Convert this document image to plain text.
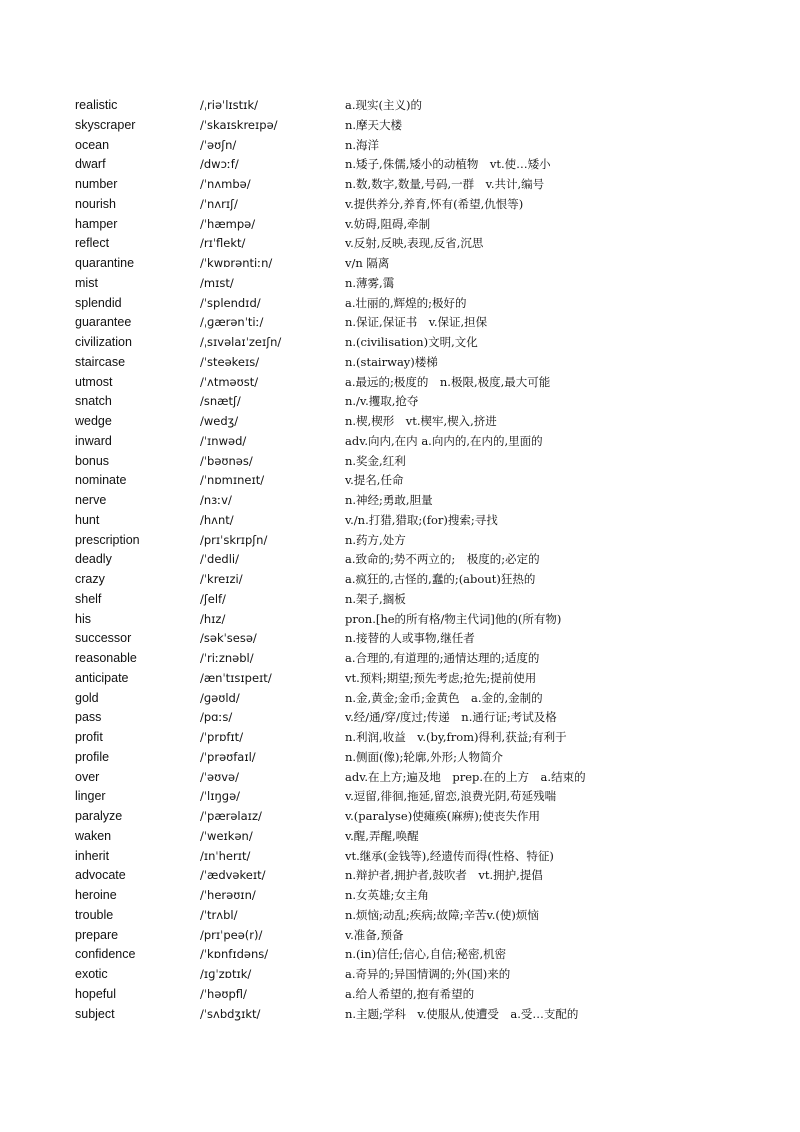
realistic	/ˌriəˈlɪstɪk/	a.现实(主义)的
skyscraper	/ˈskaɪskreɪpə/	n.摩天大楼
ocean	/ˈəʊʃn/	n.海洋
dwarf	/dwɔːf/	n.矮子,侏儒,矮小的动植物　vt.使…矮小
number	/ˈnʌmbə/	n.数,数字,数量,号码,一群　v.共计,编号
nourish	/ˈnʌrɪʃ/	v.提供养分,养育,怀有(希望,仇恨等)
hamper	/ˈhæmpə/	v.妨碍,阻碍,牵制
reflect	/rɪˈflekt/	v.反射,反映,表现,反省,沉思
quarantine	/ˈkwɒrəntiːn/	v/n 隔离
mist	/mɪst/	n.薄雾,霭
splendid	/ˈsplendɪd/	a.壮丽的,辉煌的;极好的
guarantee	/ˌɡærənˈtiː/	n.保证,保证书　v.保证,担保
civilization	/ˌsɪvəlaɪˈzeɪʃn/	n.(civilisation)文明,文化
staircase	/ˈsteəkeɪs/	n.(stairway)楼梯
utmost	/ˈʌtməʊst/	a.最远的;极度的　n.极限,极度,最大可能
snatch	/snætʃ/	n./v.攫取,抢夺
wedge	/wedʒ/	n.楔,楔形　vt.楔牢,楔入,挤进
inward	/ˈɪnwəd/	adv.向内,在内 a.向内的,在内的,里面的
bonus	/ˈbəʊnəs/	n.奖金,红利
nominate	/ˈnɒmɪneɪt/	v.提名,任命
nerve	/nɜːv/	n.神经;勇敢,胆量
hunt	/hʌnt/	v./n.打猎,猎取;(for)搜索;寻找
prescription	/prɪˈskrɪpʃn/	n.药方,处方
deadly	/ˈdedli/	a.致命的;势不两立的;　极度的;必定的
crazy	/ˈkreɪzi/	a.疯狂的,古怪的,蠢的;(about)狂热的
shelf	/ʃelf/	n.架子,搁板
his	/hɪz/	pron.[he的所有格/物主代词]他的(所有物)
successor	/səkˈsesə/	n.接替的人或事物,继任者
reasonable	/ˈriːznəbl/	a.合理的,有道理的;通情达理的;适度的
anticipate	/ænˈtɪsɪpeɪt/	vt.预料;期望;预先考虑;抢先;提前使用
gold	/ɡəʊld/	n.金,黄金;金币;金黄色　a.金的,金制的
pass	/pɑːs/	v.经/通/穿/度过;传递　n.通行证;考试及格
profit	/ˈprɒfɪt/	n.利润,收益　v.(by,from)得利,获益;有利于
profile	/ˈprəʊfaɪl/	n.侧面(像);轮廓,外形;人物简介
over	/ˈəʊvə/	adv.在上方;遍及地　prep.在的上方　a.结束的
linger	/ˈlɪŋɡə/	v.逗留,徘徊,拖延,留恋,浪费光阴,苟延残喘
paralyze	/ˈpærəlaɪz/	v.(paralyse)使瘫痪(麻痹);使丧失作用
waken	/ˈweɪkən/	v.醒,弄醒,唤醒
inherit	/ɪnˈherɪt/	vt.继承(金钱等),经遗传而得(性格、特征)
advocate	/ˈædvəkeɪt/	n.辩护者,拥护者,鼓吹者　vt.拥护,提倡
heroine	/ˈherəʊɪn/	n.女英雄;女主角
trouble	/ˈtrʌbl/	n.烦恼;动乱;疾病;故障;辛苦v.(使)烦恼
prepare	/prɪˈpeə(r)/	v.准备,预备
confidence	/ˈkɒnfɪdəns/	n.(in)信任;信心,自信;秘密,机密
exotic	/ɪɡˈzɒtɪk/	a.奇异的;异国情调的;外(国)来的
hopeful	/ˈhəʊpfl/	a.给人希望的,抱有希望的
subject	/ˈsʌbdʒɪkt/	n.主题;学科　v.使服从,使遭受　a.受…支配的
